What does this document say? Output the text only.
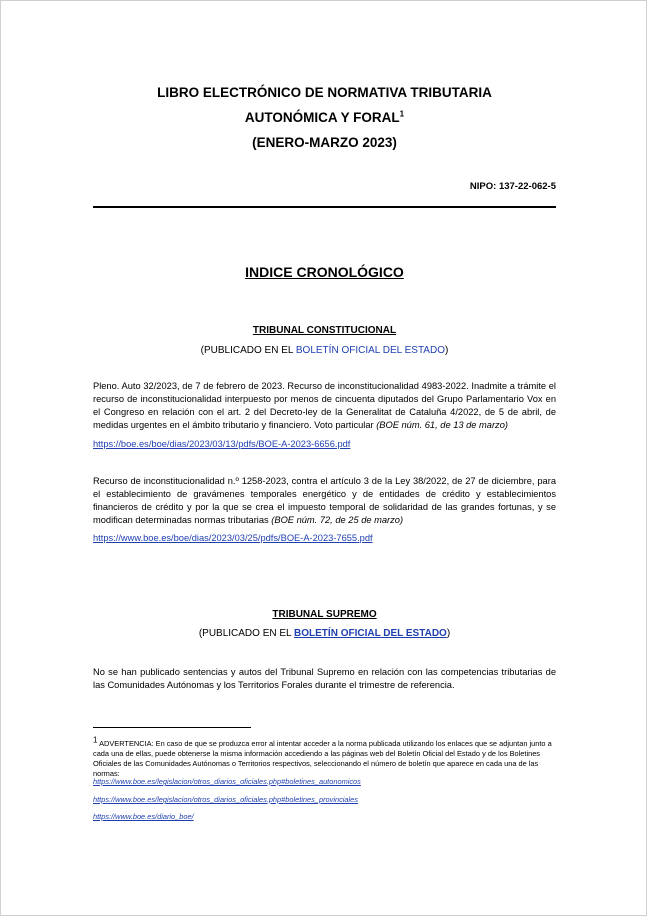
LIBRO ELECTRÓNICO DE NORMATIVA TRIBUTARIA
AUTONÓMICA Y FORAL$^1$
(ENERO-MARZO 2023)
NIPO: 137-22-062-5
INDICE CRONOLÓGICO
TRIBUNAL CONSTITUCIONAL
(PUBLICADO EN EL BOLETÍN OFICIAL DEL ESTADO)

Pleno. Auto 32/2023, de 7 de febrero de 2023. Recurso de inconstitucionalidad 4983-2022. Inadmite a trámite el recurso de inconstitucionalidad interpuesto por menos de cincuenta diputados del Grupo Parlamentario Vox en el Congreso en relación con el art. 2 del Decreto-ley de la Generalitat de Cataluña 4/2022, de 5 de abril, de medidas urgentes en el ámbito tributario y financiero. Voto particular (BOE núm. 61, de 13 de marzo)

https://boe.es/boe/dias/2023/03/13/pdfs/BOE-A-2023-6656.pdf

Recurso de inconstitucionalidad n.º 1258-2023, contra el artículo 3 de la Ley 38/2022, de 27 de diciembre, para el establecimiento de gravámenes temporales energético y de entidades de crédito y establecimientos financieros de crédito y por la que se crea el impuesto temporal de solidaridad de las grandes fortunas, y se modifican determinadas normas tributarias (BOE núm. 72, de 25 de marzo)

https://www.boe.es/boe/dias/2023/03/25/pdfs/BOE-A-2023-7655.pdf
TRIBUNAL SUPREMO
(PUBLICADO EN EL BOLETÍN OFICIAL DEL ESTADO)

No se han publicado sentencias y autos del Tribunal Supremo en relación con las competencias tributarias de las Comunidades Autónomas y los Territorios Forales durante el trimestre de referencia.

$^1$ ADVERTENCIA: En caso de que se produzca error al intentar acceder a la norma publicada utilizando los enlaces que se adjuntan junto a cada una de ellas, puede obtenerse la misma información accediendo a las páginas web del Boletín Oficial del Estado y de los Boletines Oficiales de las Comunidades Autónomas o Territorios respectivos, seleccionando el número de boletín que aparece en cada una de las normas:

https://www.boe.es/legislacion/otros_diarios_oficiales.php#boletines_autonomicos
https://www.boe.es/legislacion/otros_diarios_oficiales.php#boletines_provinciales
https://www.boe.es/diario_boe/
